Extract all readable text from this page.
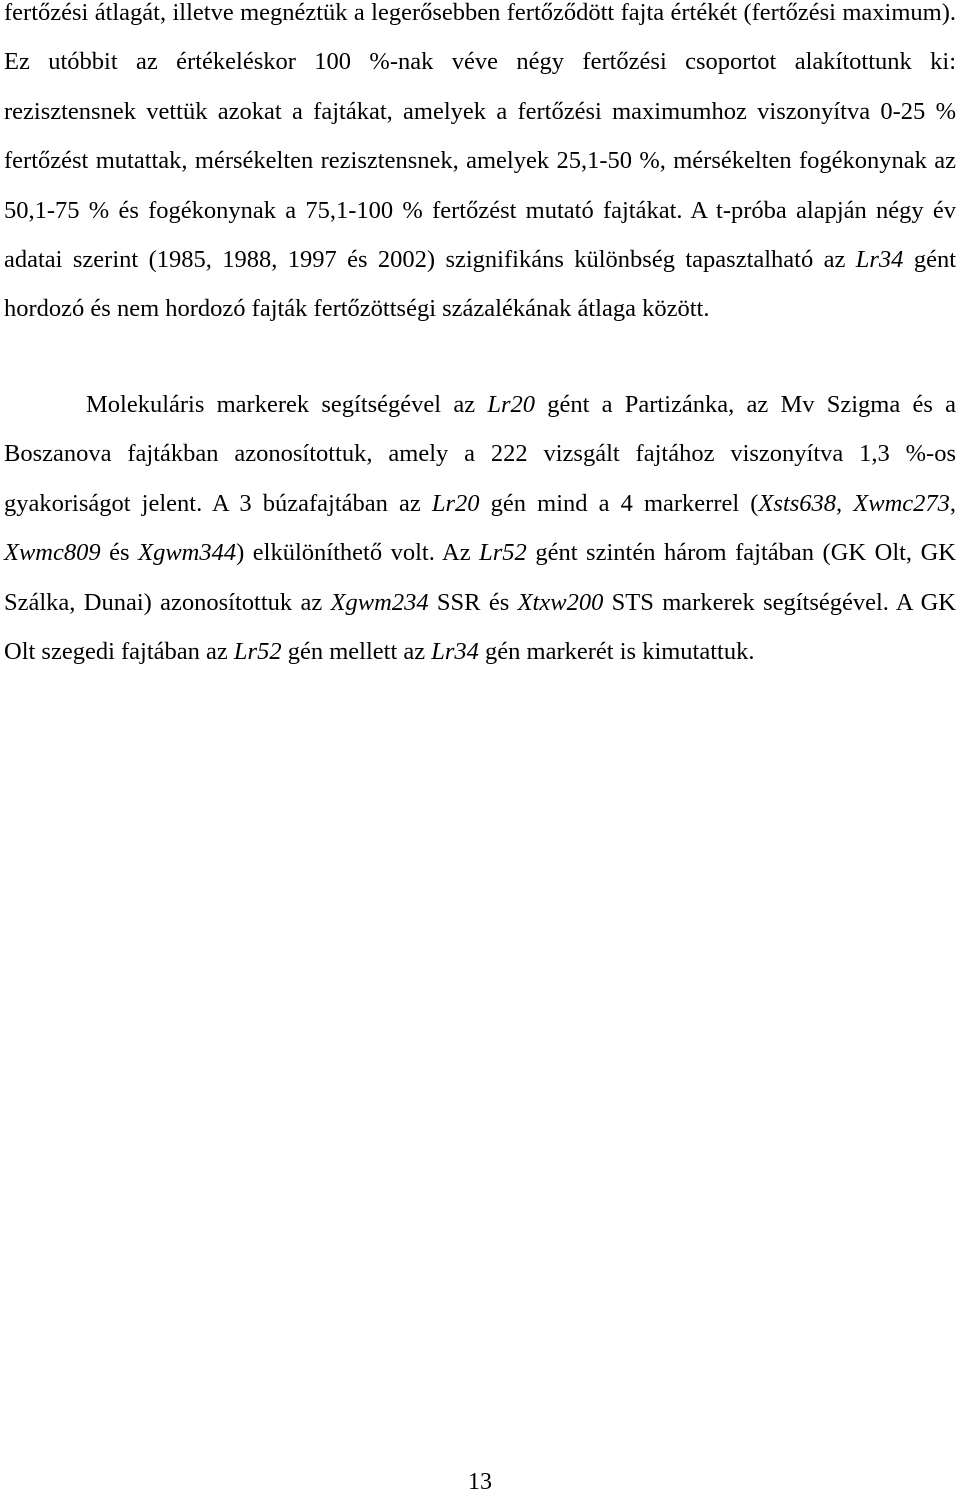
fertőzési átlagát, illetve megnéztük a legerősebben fertőződött fajta értékét (fertőzési maximum). Ez utóbbit az értékeléskor 100 %-nak véve négy fertőzési csoportot alakítottunk ki: rezisztensnek vettük azokat a fajtákat, amelyek a fertőzési maximumhoz viszonyítva 0-25 % fertőzést mutattak, mérsékelten rezisztensnek, amelyek 25,1-50 %, mérsékelten fogékonynak az 50,1-75 % és fogékonynak a 75,1-100 % fertőzést mutató fajtákat. A t-próba alapján négy év adatai szerint (1985, 1988, 1997 és 2002) szignifikáns különbség tapasztalható az Lr34 gént hordozó és nem hordozó fajták fertőzöttségi százalékának átlaga között.

Molekuláris markerek segítségével az Lr20 gént a Partizánka, az Mv Szigma és a Boszanova fajtákban azonosítottuk, amely a 222 vizsgált fajtához viszonyítva 1,3 %-os gyakoriságot jelent. A 3 búzafajtában az Lr20 gén mind a 4 markerrel (Xsts638, Xwmc273, Xwmc809 és Xgwm344) elkülöníthető volt. Az Lr52 gént szintén három fajtában (GK Olt, GK Szálka, Dunai) azonosítottuk az Xgwm234 SSR és Xtxw200 STS markerek segítségével. A GK Olt szegedi fajtában az Lr52 gén mellett az Lr34 gén markerét is kimutattuk.

13
